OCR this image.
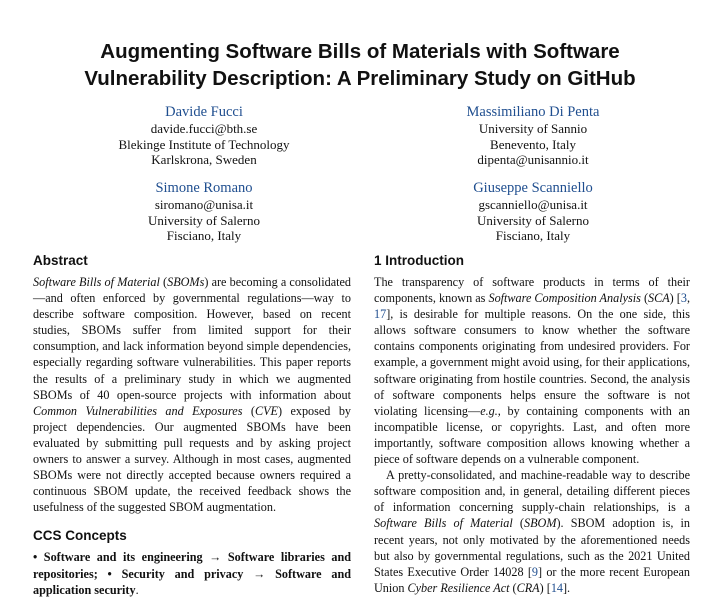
Augmenting Software Bills of Materials with Software
Vulnerability Description: A Preliminary Study on GitHub
Davide Fucci
davide.fucci@bth.se
Blekinge Institute of Technology
Karlskrona, Sweden
Massimiliano Di Penta
University of Sannio
Benevento, Italy
dipenta@unisannio.it
Simone Romano
siromano@unisa.it
University of Salerno
Fisciano, Italy
Giuseppe Scanniello
gscanniello@unisa.it
University of Salerno
Fisciano, Italy
Abstract

Software Bills of Material (SBOMs) are becoming a consolidated—and often enforced by governmental regulations—way to describe software composition. However, based on recent studies, SBOMs suffer from limited support for their consumption, and lack information beyond simple dependencies, especially regarding software vulnerabilities. This paper reports the results of a preliminary study in which we augmented SBOMs of 40 open-source projects with information about Common Vulnerabilities and Exposures (CVE) exposed by project dependencies. Our augmented SBOMs have been evaluated by submitting pull requests and by asking project owners to answer a survey. Although in most cases, augmented SBOMs were not directly accepted because owners required a continuous SBOM update, the received feedback shows the usefulness of the suggested SBOM augmentation.

CCS Concepts

• Software and its engineering → Software libraries and repositories; • Security and privacy → Software and application security.

1 Introduction

The transparency of software products in terms of their components, known as Software Composition Analysis (SCA) [3, 17], is desirable for multiple reasons. On the one side, this allows software consumers to know whether the software contains components originating from undesired providers. For example, a government might avoid using, for their applications, software originating from hostile countries. Second, the analysis of software components helps ensure the software is not violating licensing—e.g., by containing components with an incompatible license, or copyrights. Last, and often more importantly, software composition allows knowing whether a piece of software depends on a vulnerable component.

A pretty-consolidated, and machine-readable way to describe software composition and, in general, detailing different pieces of information concerning supply-chain relationships, is a Software Bills of Material (SBOM). SBOM adoption is, in recent years, not only motivated by the aforementioned needs but also by governmental regulations, such as the 2021 United States Executive Order 14028 [9] or the more recent European Union Cyber Resilience Act (CRA) [14].
